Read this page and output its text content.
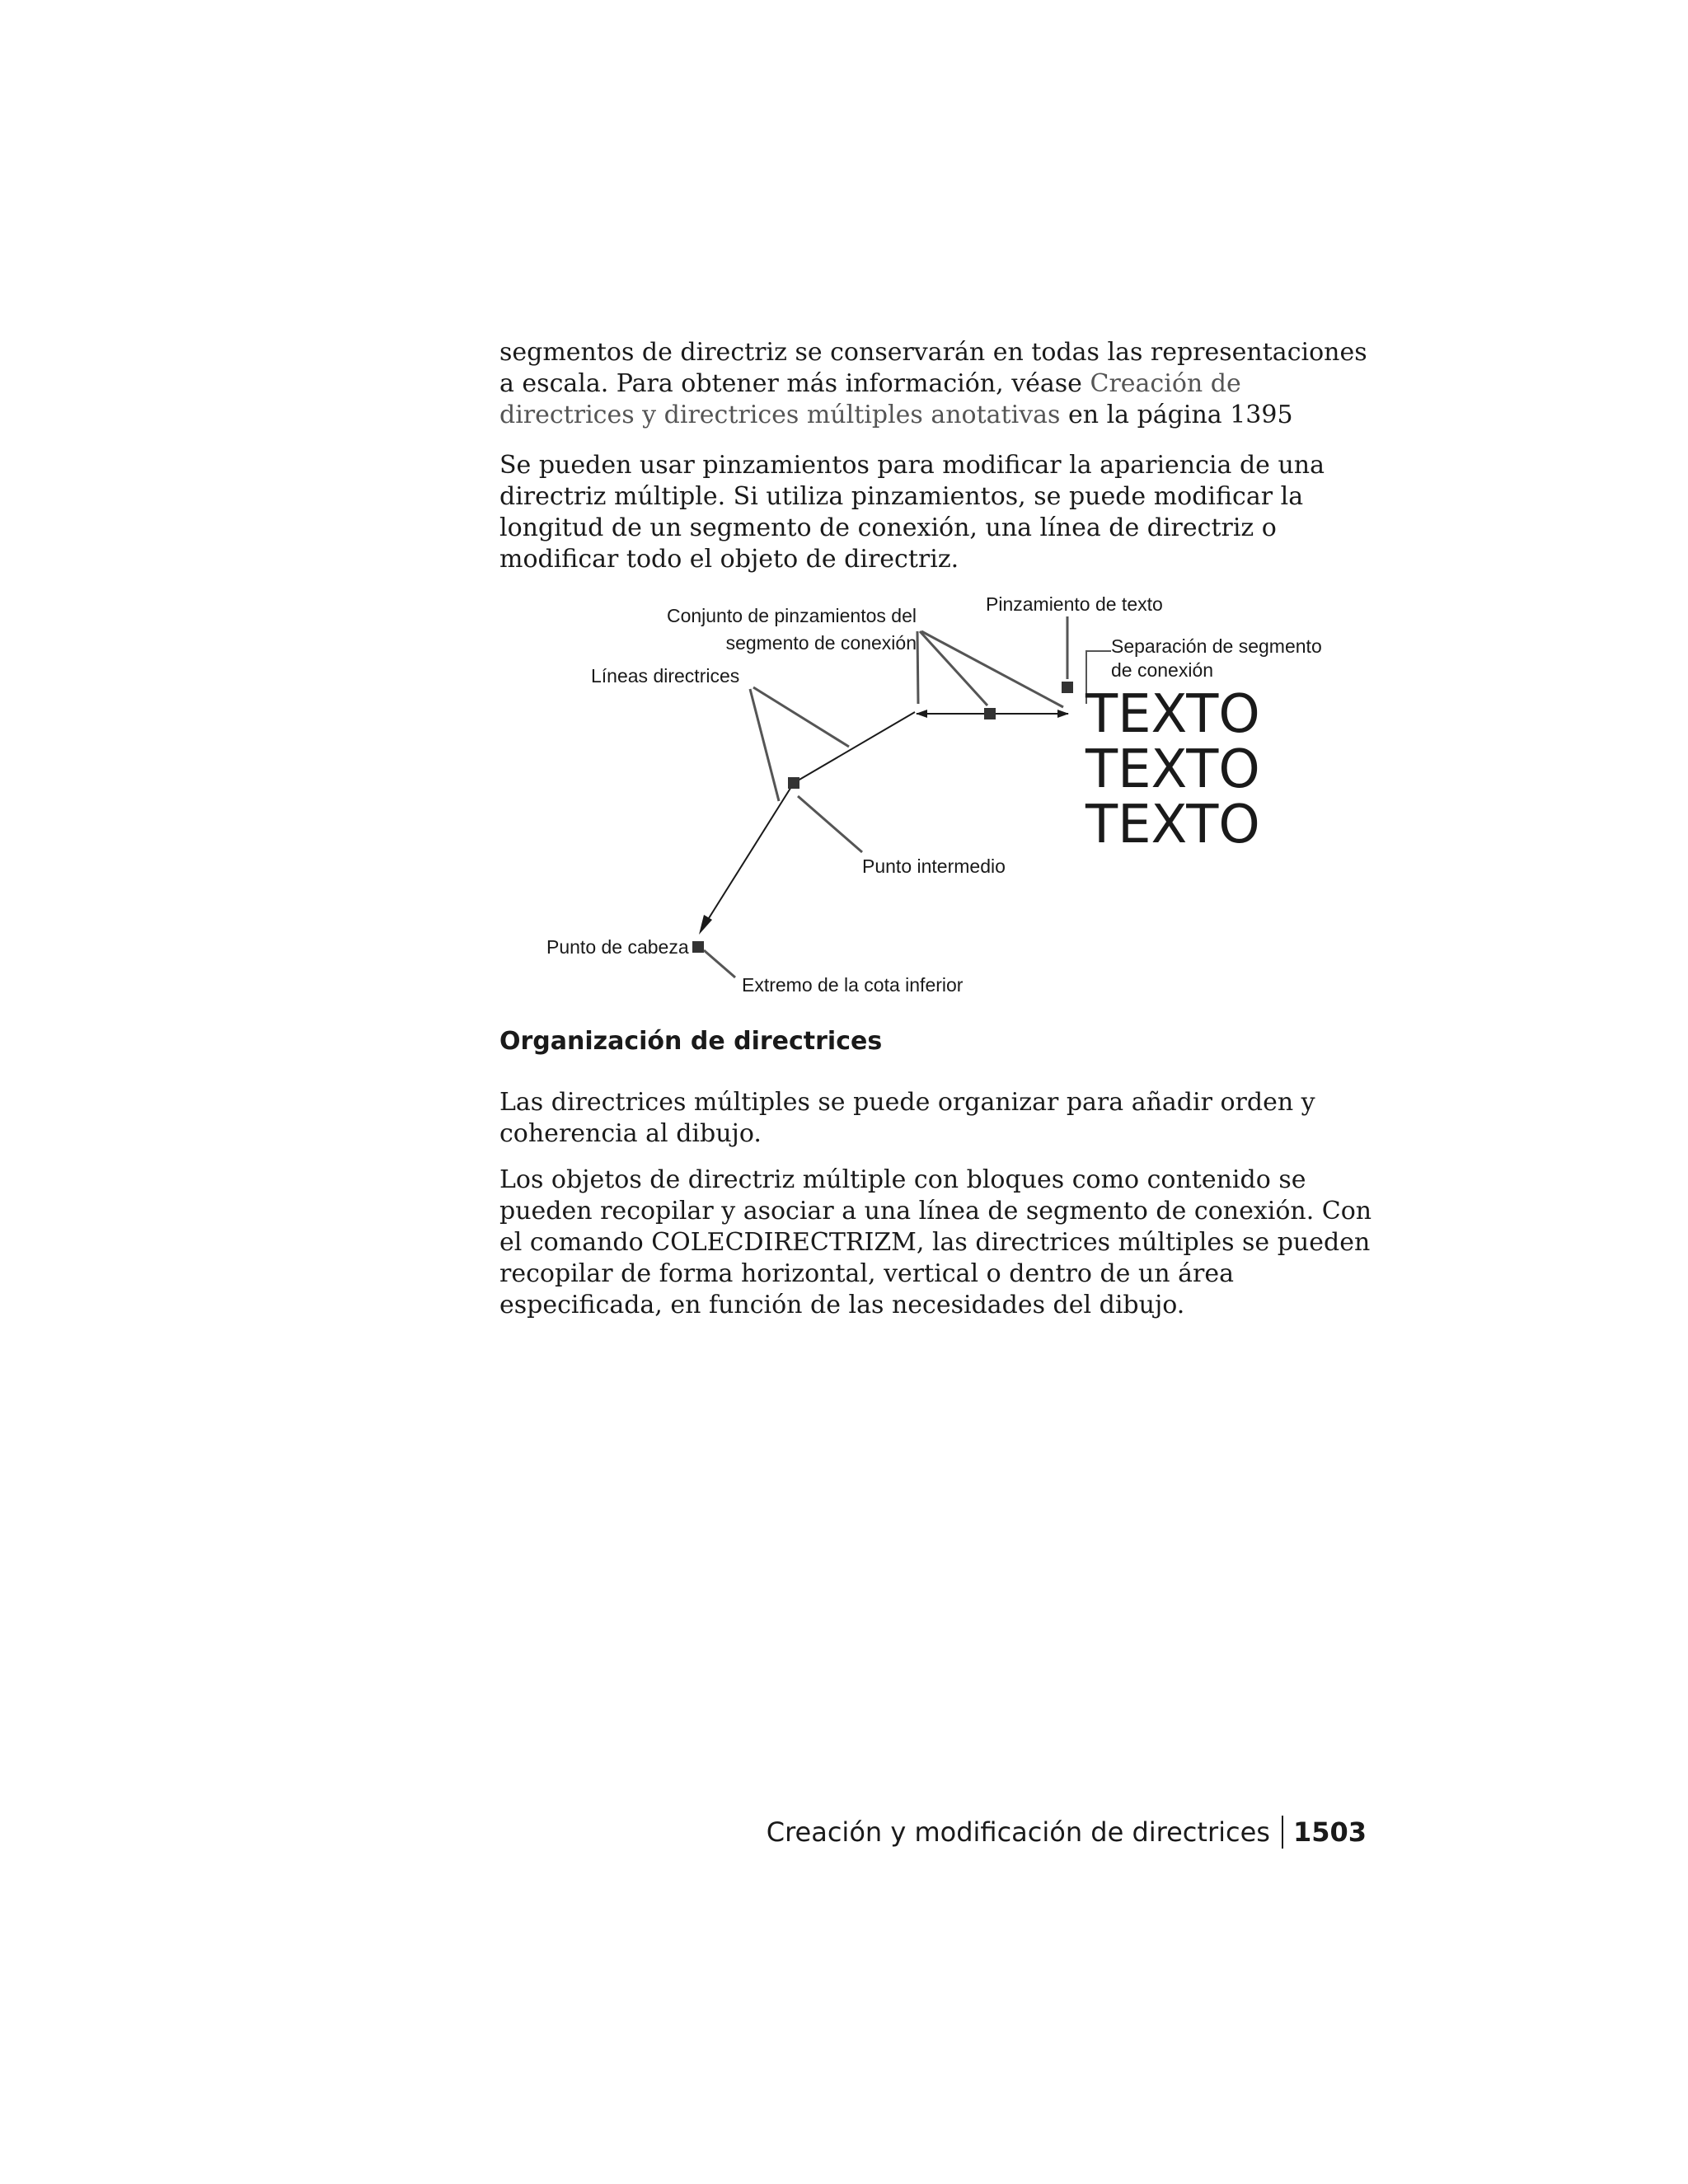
segmentos de directriz se conservarán en todas las representaciones a escala. Para obtener más información, véase Creación de directrices y directrices múltiples anotativas en la página 1395

Se pueden usar pinzamientos para modificar la apariencia de una directriz múltiple. Si utiliza pinzamientos, se puede modificar la longitud de un segmento de conexión, una línea de directriz o modificar todo el objeto de directriz.

Conjunto de pinzamientos del
segmento de conexión
Pinzamiento de texto
Separación de segmento
de conexión
Líneas directrices
Punto intermedio
Punto de cabeza
Extremo de la cota inferior
TEXTO
TEXTO
TEXTO
Organización de directrices

Las directrices múltiples se puede organizar para añadir orden y coherencia al dibujo.

Los objetos de directriz múltiple con bloques como contenido se pueden recopilar y asociar a una línea de segmento de conexión. Con el comando COLECDIRECTRIZM, las directrices múltiples se pueden recopilar de forma horizontal, vertical o dentro de un área especificada, en función de las necesidades del dibujo.

Creación y modificación de directrices 1503
